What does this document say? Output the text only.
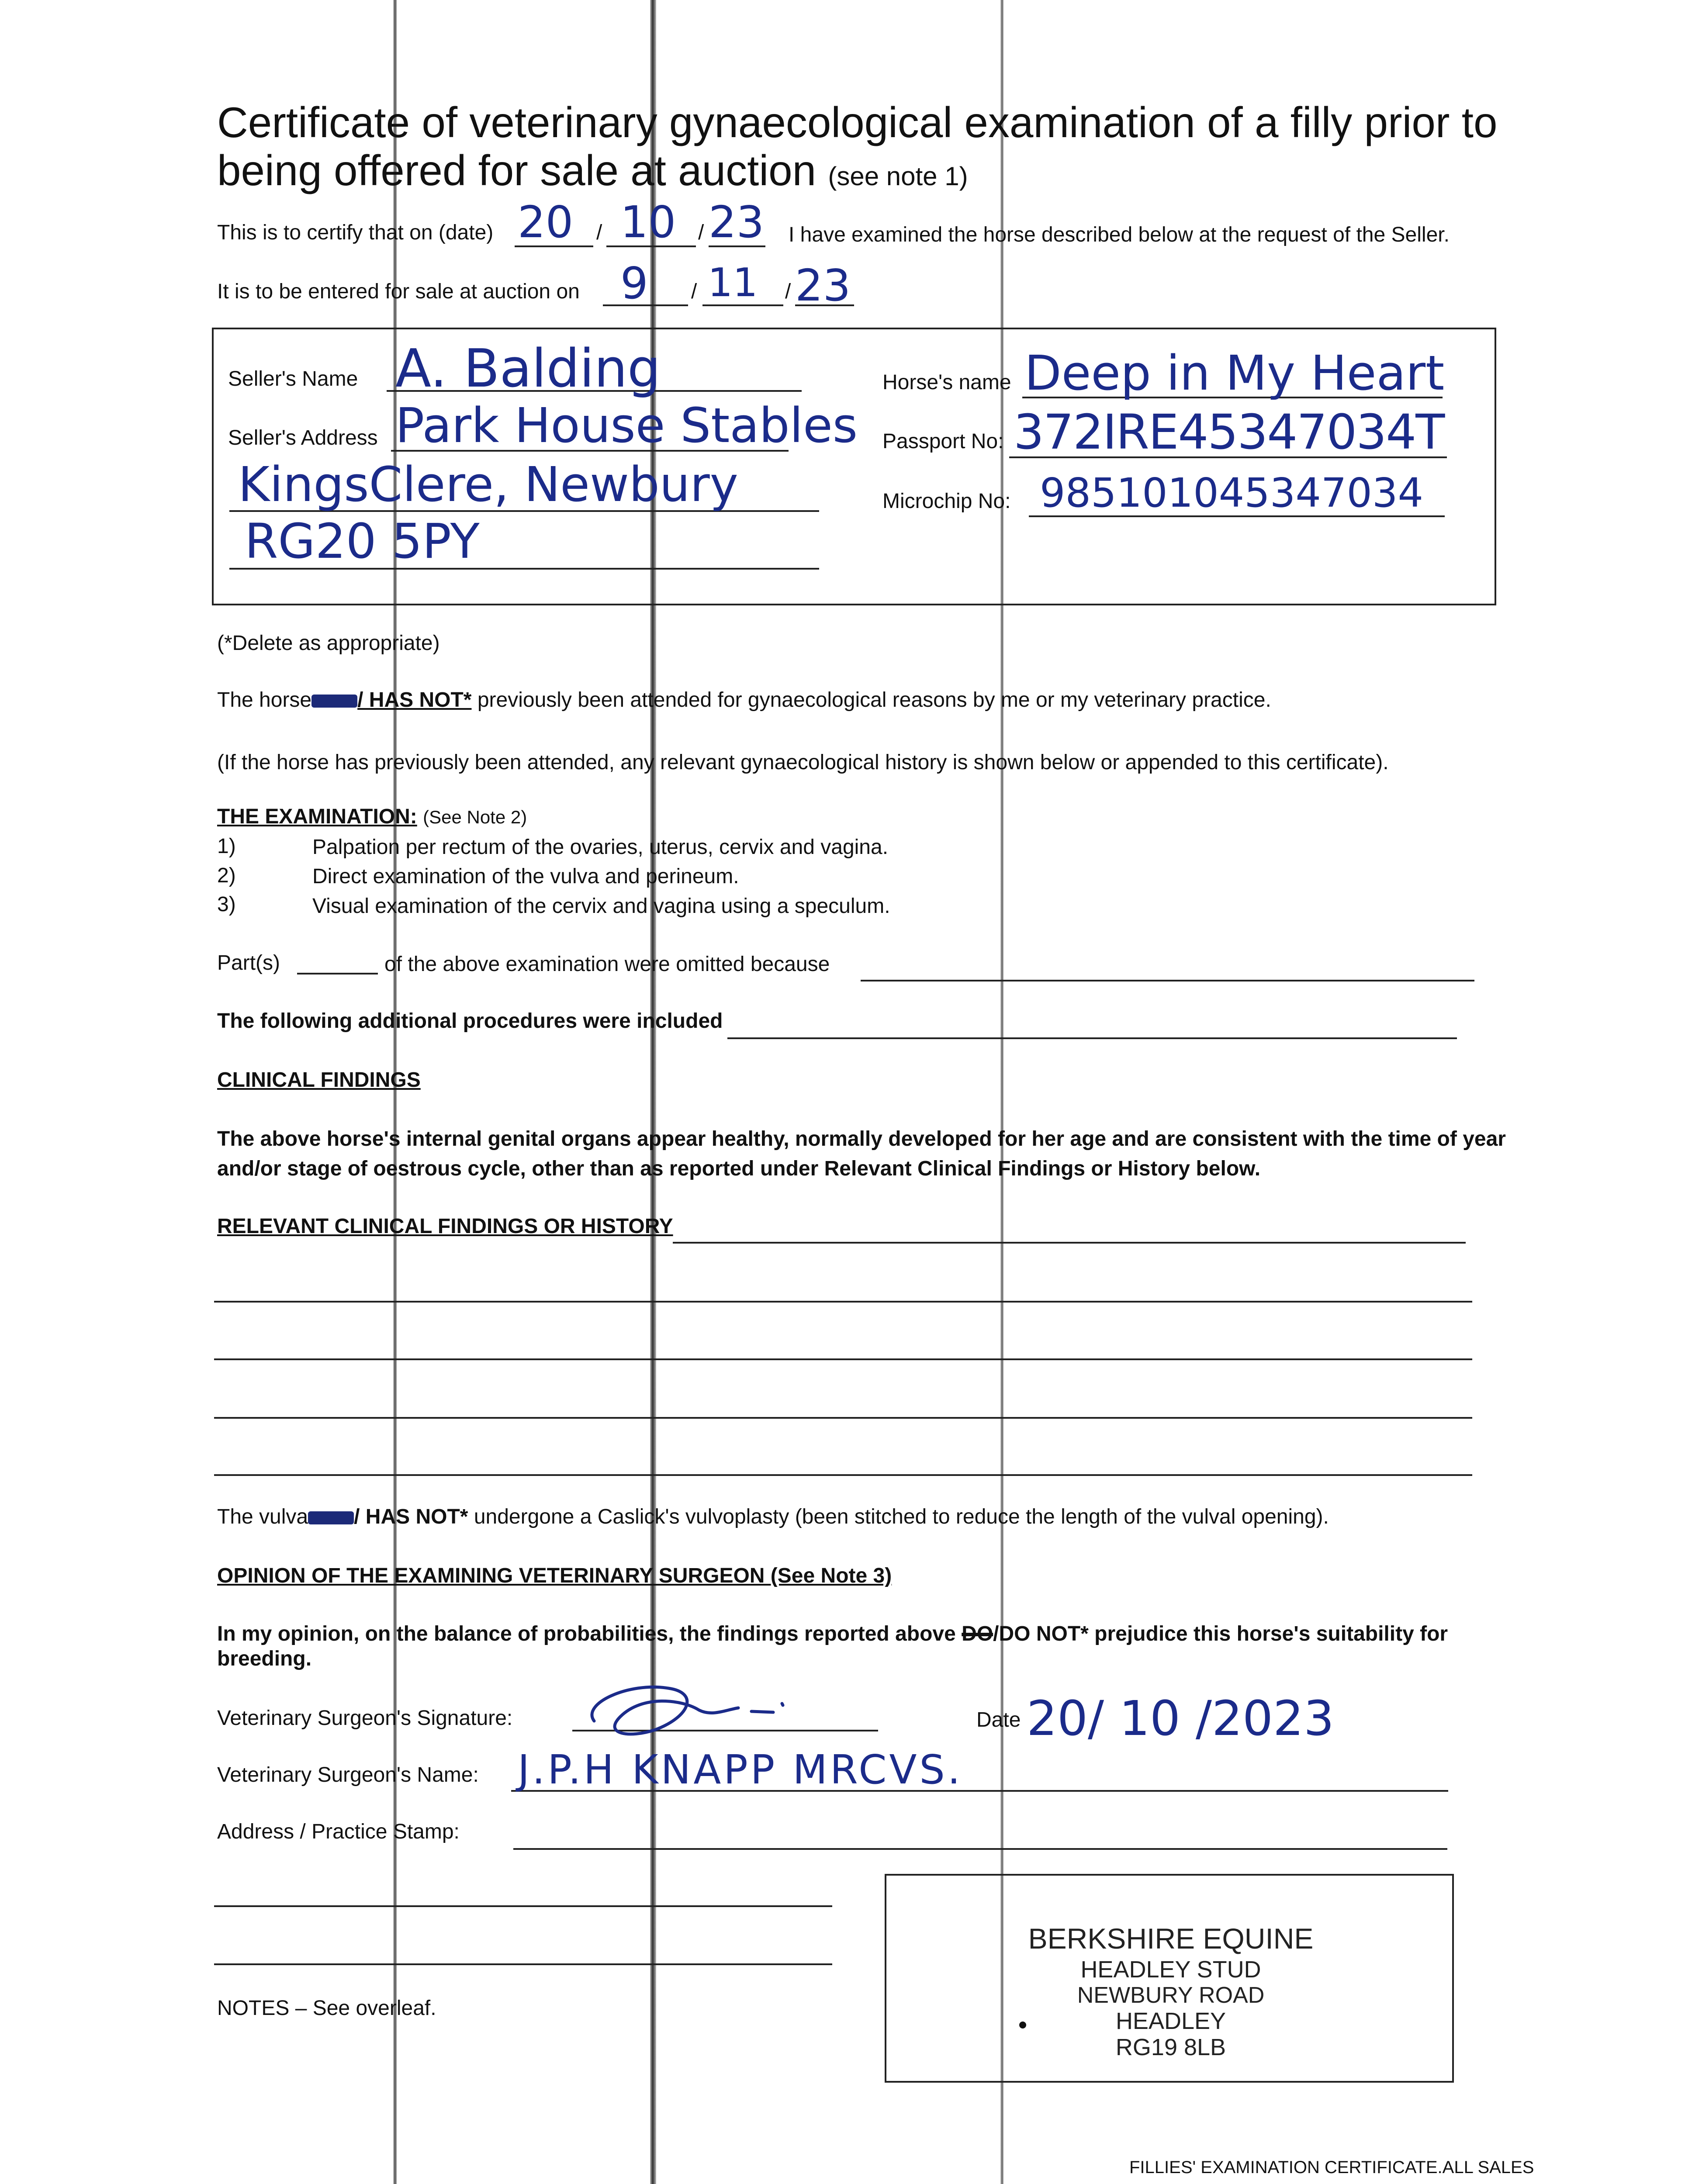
Certificate of veterinary gynaecological examination of a filly prior to being offered for sale at auction (see note 1)
This is to certify that on (date) 20 / 10 / 23 I have examined the horse described below at the request of the Seller.
It is to be entered for sale at auction on 9 / 11 / 23
Seller's Name A. Balding
Seller's Address Park House Stables
KingsClere, Newbury
RG20 5PY
Horse's name Deep in My Heart
Passport No: 372IRE45347034T
Microchip No: 985101045347034
(*Delete as appropriate)
The horse / HAS NOT* previously been attended for gynaecological reasons by me or my veterinary practice.
(If the horse has previously been attended, any relevant gynaecological history is shown below or appended to this certificate).
THE EXAMINATION: (See Note 2)
1)	Palpation per rectum of the ovaries, uterus, cervix and vagina.
2)	Direct examination of the vulva and perineum.
3)	Visual examination of the cervix and vagina using a speculum.
Part(s)	of the above examination were omitted because
The following additional procedures were included
CLINICAL FINDINGS
The above horse's internal genital organs appear healthy, normally developed for her age and are consistent with the time of year
and/or stage of oestrous cycle, other than as reported under Relevant Clinical Findings or History below.
RELEVANT CLINICAL FINDINGS OR HISTORY
The vulva / HAS NOT* undergone a Caslick's vulvoplasty (been stitched to reduce the length of the vulval opening).
OPINION OF THE EXAMINING VETERINARY SURGEON (See Note 3)
In my opinion, on the balance of probabilities, the findings reported above DO/DO NOT* prejudice this horse's suitability for
breeding.
Veterinary Surgeon's Signature:	Date 20/ 10 /2023
Veterinary Surgeon's Name: J.P.H KNAPP MRCVS.
Address / Practice Stamp:
BERKSHIRE EQUINE
HEADLEY STUD
NEWBURY ROAD
HEADLEY
RG19 8LB
NOTES – See overleaf.
FILLIES' EXAMINATION CERTIFICATE.ALL SALES
